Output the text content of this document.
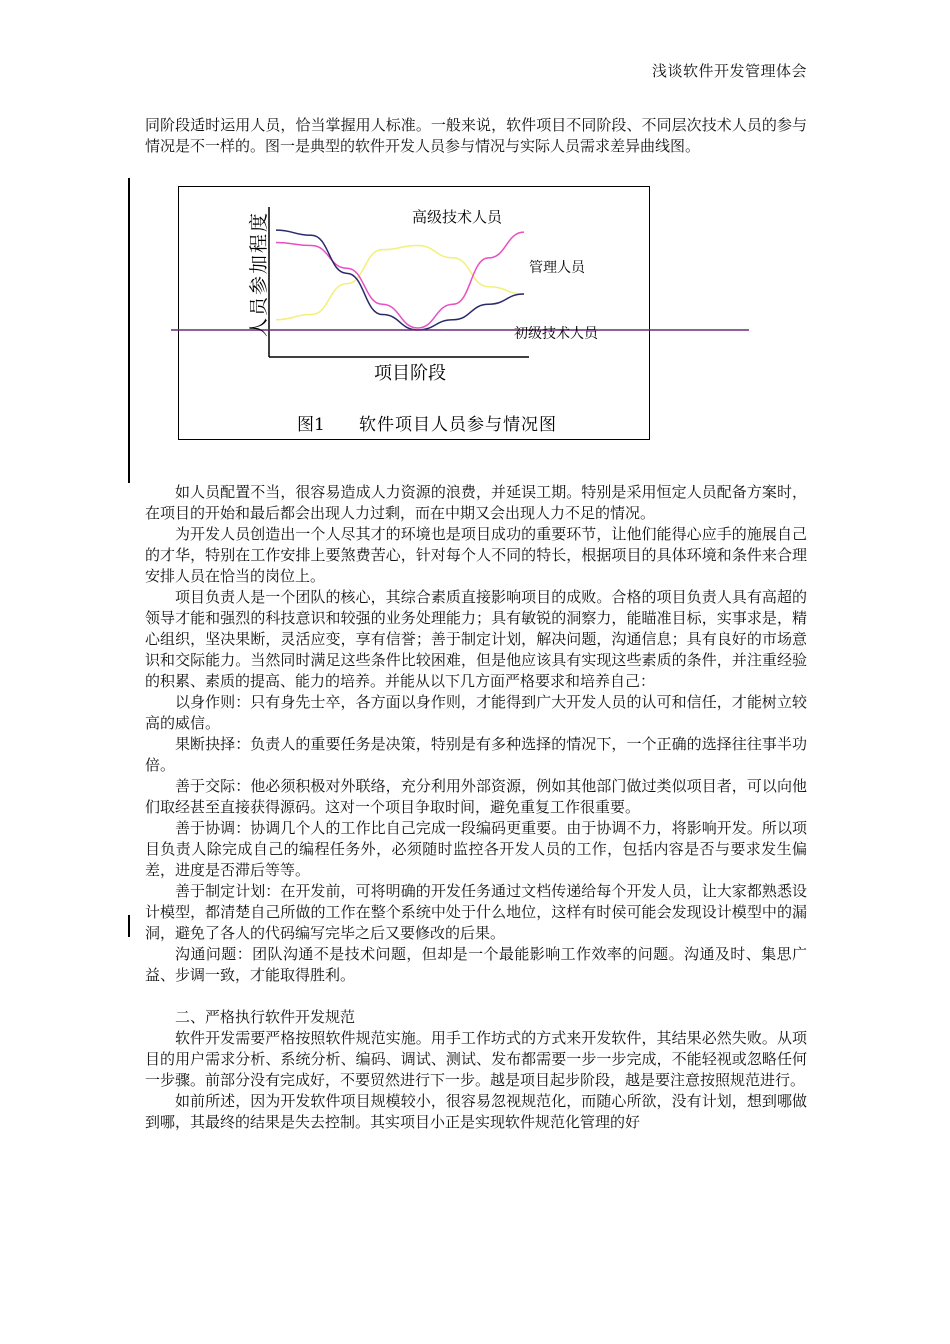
浅谈软件开发管理体会

同阶段适时运用人员，恰当掌握用人标准。一般来说，软件项目不同阶段、不同层次技术人员的参与情况是不一样的。图一是典型的软件开发人员参与情况与实际人员需求差异曲线图。

高级技术人员
管理人员
初级技术人员
项目阶段
人员参加程度
图1 软件项目人员参与情况图

如人员配置不当，很容易造成人力资源的浪费，并延误工期。特别是采用恒定人员配备方案时，在项目的开始和最后都会出现人力过剩，而在中期又会出现人力不足的情况。

为开发人员创造出一个人尽其才的环境也是项目成功的重要环节，让他们能得心应手的施展自己的才华，特别在工作安排上要煞费苦心，针对每个人不同的特长，根据项目的具体环境和条件来合理安排人员在恰当的岗位上。

项目负责人是一个团队的核心，其综合素质直接影响项目的成败。合格的项目负责人具有高超的领导才能和强烈的科技意识和较强的业务处理能力；具有敏锐的洞察力，能瞄准目标，实事求是，精心组织，坚决果断，灵活应变，享有信誉；善于制定计划，解决问题，沟通信息；具有良好的市场意识和交际能力。当然同时满足这些条件比较困难，但是他应该具有实现这些素质的条件，并注重经验的积累、素质的提高、能力的培养。并能从以下几方面严格要求和培养自己：

以身作则：只有身先士卒，各方面以身作则，才能得到广大开发人员的认可和信任，才能树立较高的威信。

果断抉择：负责人的重要任务是决策，特别是有多种选择的情况下，一个正确的选择往往事半功倍。

善于交际：他必须积极对外联络，充分利用外部资源，例如其他部门做过类似项目者，可以向他们取经甚至直接获得源码。这对一个项目争取时间，避免重复工作很重要。

善于协调：协调几个人的工作比自己完成一段编码更重要。由于协调不力，将影响开发。所以项目负责人除完成自己的编程任务外，必须随时监控各开发人员的工作，包括内容是否与要求发生偏差，进度是否滞后等等。

善于制定计划：在开发前，可将明确的开发任务通过文档传递给每个开发人员，让大家都熟悉设计模型，都清楚自己所做的工作在整个系统中处于什么地位，这样有时侯可能会发现设计模型中的漏洞，避免了各人的代码编写完毕之后又要修改的后果。

沟通问题：团队沟通不是技术问题，但却是一个最能影响工作效率的问题。沟通及时、集思广益、步调一致，才能取得胜利。

二、严格执行软件开发规范

软件开发需要严格按照软件规范实施。用手工作坊式的方式来开发软件，其结果必然失败。从项目的用户需求分析、系统分析、编码、调试、测试、发布都需要一步一步完成，不能轻视或忽略任何一步骤。前部分没有完成好，不要贸然进行下一步。越是项目起步阶段，越是要注意按照规范进行。

如前所述，因为开发软件项目规模较小，很容易忽视规范化，而随心所欲，没有计划，想到哪做到哪，其最终的结果是失去控制。其实项目小正是实现软件规范化管理的好
